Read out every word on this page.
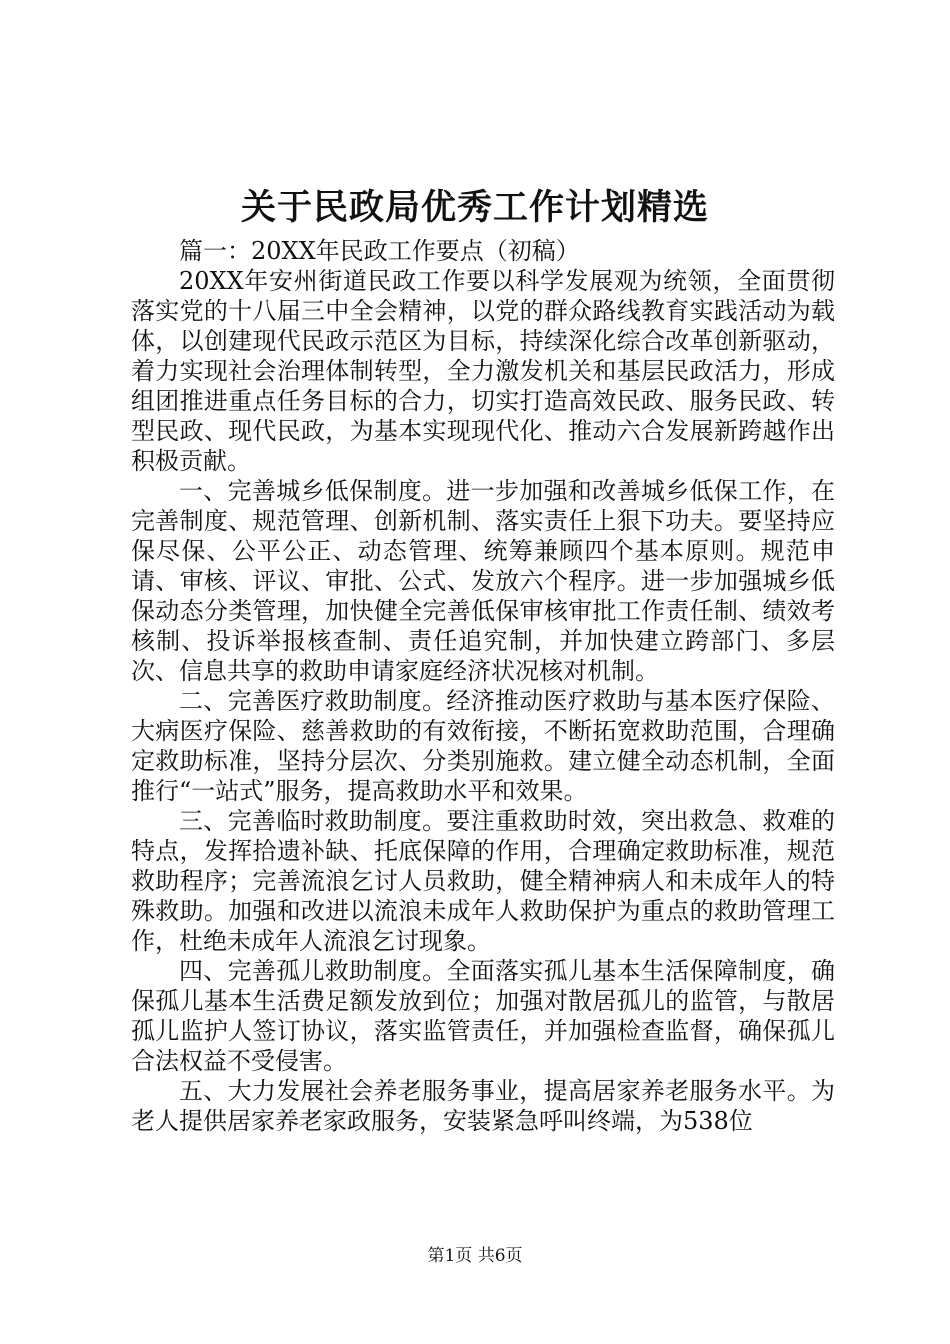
关于民政局优秀工作计划精选

篇一：20XX年民政工作要点（初稿）

20XX年安州街道民政工作要以科学发展观为统领，全面贯彻落实党的十八届三中全会精神，以党的群众路线教育实践活动为载体，以创建现代民政示范区为目标，持续深化综合改革创新驱动，着力实现社会治理体制转型，全力激发机关和基层民政活力，形成组团推进重点任务目标的合力，切实打造高效民政、服务民政、转型民政、现代民政，为基本实现现代化、推动六合发展新跨越作出积极贡献。

一、完善城乡低保制度。进一步加强和改善城乡低保工作，在完善制度、规范管理、创新机制、落实责任上狠下功夫。要坚持应保尽保、公平公正、动态管理、统筹兼顾四个基本原则。规范申请、审核、评议、审批、公式、发放六个程序。进一步加强城乡低保动态分类管理，加快健全完善低保审核审批工作责任制、绩效考核制、投诉举报核查制、责任追究制，并加快建立跨部门、多层次、信息共享的救助申请家庭经济状况核对机制。

二、完善医疗救助制度。经济推动医疗救助与基本医疗保险、大病医疗保险、慈善救助的有效衔接，不断拓宽救助范围，合理确定救助标准，坚持分层次、分类别施救。建立健全动态机制，全面推行“一站式”服务，提高救助水平和效果。

三、完善临时救助制度。要注重救助时效，突出救急、救难的特点，发挥拾遗补缺、托底保障的作用，合理确定救助标准，规范救助程序；完善流浪乞讨人员救助，健全精神病人和未成年人的特殊救助。加强和改进以流浪未成年人救助保护为重点的救助管理工作，杜绝未成年人流浪乞讨现象。

四、完善孤儿救助制度。全面落实孤儿基本生活保障制度，确保孤儿基本生活费足额发放到位；加强对散居孤儿的监管，与散居孤儿监护人签订协议，落实监管责任，并加强检查监督，确保孤儿合法权益不受侵害。

五、大力发展社会养老服务事业，提高居家养老服务水平。为老人提供居家养老家政服务，安装紧急呼叫终端，为538位

第1页 共6页
